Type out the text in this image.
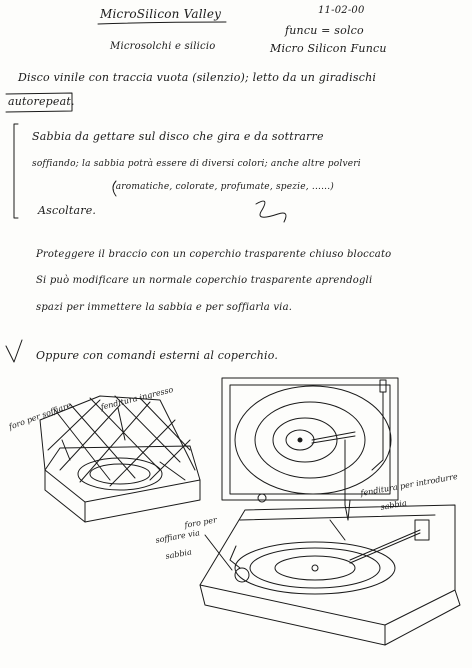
MicroSilicon Valley
Microsolchi e silicio
11-02-00
funcu = solco
Micro Silicon Funcu
Disco vinile con traccia vuota (silenzio); letto da un giradischi
autorepeat.
Sabbia da gettare sul disco che gira e da sottrarre
soffiando; la sabbia potrà essere di diversi colori; anche altre polveri
(aromatiche, colorate, profumate, spezie, ......)
Ascoltare.
Proteggere il braccio con un coperchio trasparente chiuso bloccato
Si può modificare un normale coperchio trasparente aprendogli
spazi per immettere la sabbia e per soffiarla via.
Oppure con comandi esterni al coperchio.
foro per soffiare
fenditura ingresso
fenditura per introdurre
sabbia
foro per
soffiare via
sabbia
